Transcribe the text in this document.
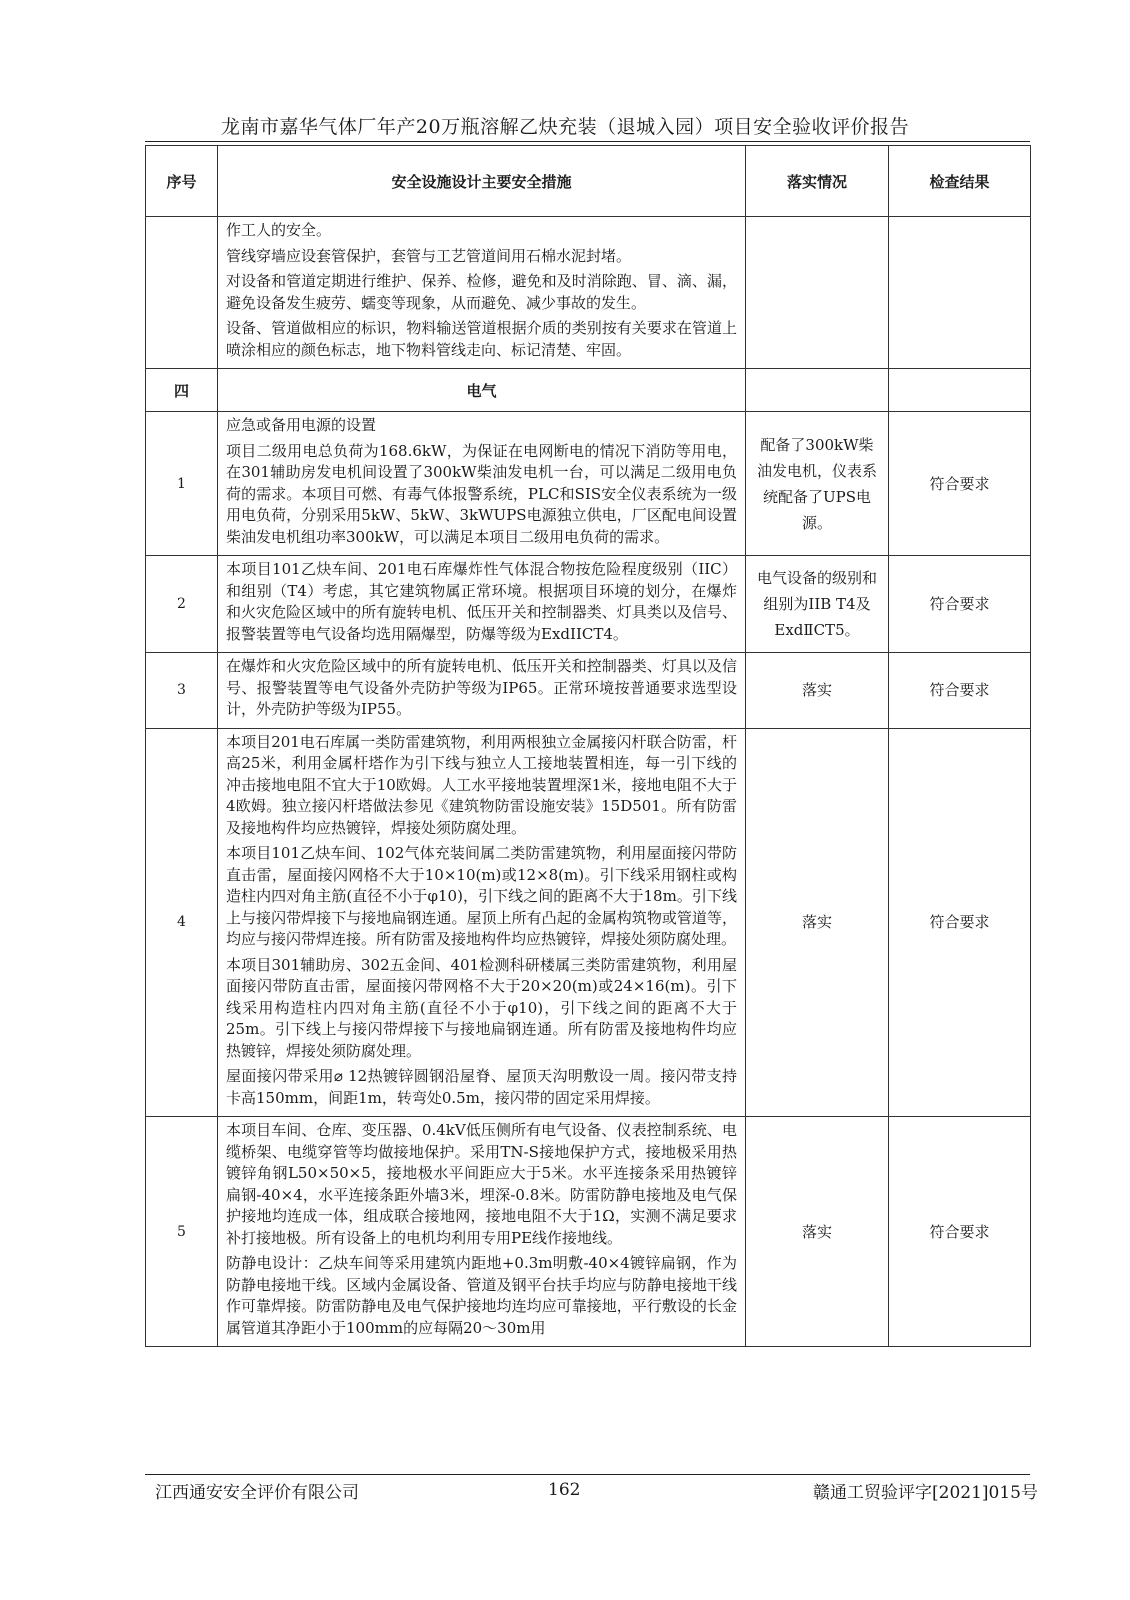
龙南市嘉华气体厂年产20万瓶溶解乙炔充装（退城入园）项目安全验收评价报告
序号	安全设施设计主要安全措施	落实情况	检查结果

	作工人的安全。

管线穿墙应设套管保护，套管与工艺管道间用石棉水泥封堵。

对设备和管道定期进行维护、保养、检修，避免和及时消除跑、冒、滴、漏，避免设备发生疲劳、蠕变等现象，从而避免、减少事故的发生。

设备、管道做相应的标识，物料输送管道根据介质的类别按有关要求在管道上喷涂相应的颜色标志，地下物料管线走向、标记清楚、牢固。		

四	电气		
1	应急或备用电源的设置

项目二级用电总负荷为168.6kW，为保证在电网断电的情况下消防等用电，在301辅助房发电机间设置了300kW柴油发电机一台，可以满足二级用电负荷的需求。本项目可燃、有毒气体报警系统，PLC和SIS安全仪表系统为一级用电负荷，分别采用5kW、5kW、3kWUPS电源独立供电，厂区配电间设置柴油发电机组功率300kW，可以满足本项目二级用电负荷的需求。	配备了300kW柴油发电机，仪表系统配备了UPS电源。	符合要求
2	本项目101乙炔车间、201电石库爆炸性气体混合物按危险程度级别（IIC）和组别（T4）考虑，其它建筑物属正常环境。根据项目环境的划分，在爆炸和火灾危险区域中的所有旋转电机、低压开关和控制器类、灯具类以及信号、报警装置等电气设备均选用隔爆型，防爆等级为ExdIICT4。	电气设备的级别和组别为IIB T4及ExdⅡCT5。	符合要求
3	在爆炸和火灾危险区域中的所有旋转电机、低压开关和控制器类、灯具以及信号、报警装置等电气设备外壳防护等级为IP65。正常环境按普通要求选型设计，外壳防护等级为IP55。	落实	符合要求
4	本项目201电石库属一类防雷建筑物，利用两根独立金属接闪杆联合防雷，杆高25米，利用金属杆塔作为引下线与独立人工接地装置相连，每一引下线的冲击接地电阻不宜大于10欧姆。人工水平接地装置埋深1米，接地电阻不大于4欧姆。独立接闪杆塔做法参见《建筑物防雷设施安装》15D501。所有防雷及接地构件均应热镀锌，焊接处须防腐处理。

本项目101乙炔车间、102气体充装间属二类防雷建筑物，利用屋面接闪带防直击雷，屋面接闪网格不大于10×10(m)或12×8(m)。引下线采用钢柱或构造柱内四对角主筋(直径不小于φ10)，引下线之间的距离不大于18m。引下线上与接闪带焊接下与接地扁钢连通。屋顶上所有凸起的金属构筑物或管道等，均应与接闪带焊连接。所有防雷及接地构件均应热镀锌，焊接处须防腐处理。

本项目301辅助房、302五金间、401检测科研楼属三类防雷建筑物，利用屋面接闪带防直击雷，屋面接闪带网格不大于20×20(m)或24×16(m)。引下线采用构造柱内四对角主筋(直径不小于φ10)，引下线之间的距离不大于25m。引下线上与接闪带焊接下与接地扁钢连通。所有防雷及接地构件均应热镀锌，焊接处须防腐处理。

屋面接闪带采用⌀ 12热镀锌圆钢沿屋脊、屋顶天沟明敷设一周。接闪带支持卡高150mm，间距1m，转弯处0.5m，接闪带的固定采用焊接。	落实	符合要求
5	本项目车间、仓库、变压器、0.4kV低压侧所有电气设备、仪表控制系统、电缆桥架、电缆穿管等均做接地保护。采用TN-S接地保护方式，接地极采用热镀锌角钢L50×50×5，接地极水平间距应大于5米。水平连接条采用热镀锌扁钢-40×4，水平连接条距外墙3米，埋深-0.8米。防雷防静电接地及电气保护接地均连成一体，组成联合接地网，接地电阻不大于1Ω，实测不满足要求补打接地极。所有设备上的电机均利用专用PE线作接地线。

防静电设计：乙炔车间等采用建筑内距地+0.3m明敷-40×4镀锌扁钢，作为防静电接地干线。区域内金属设备、管道及钢平台扶手均应与防静电接地干线作可靠焊接。防雷防静电及电气保护接地均连均应可靠接地，平行敷设的长金属管道其净距小于100mm的应每隔20～30m用	落实	符合要求
江西通安安全评价有限公司	162	赣通工贸验评字[2021]015号
